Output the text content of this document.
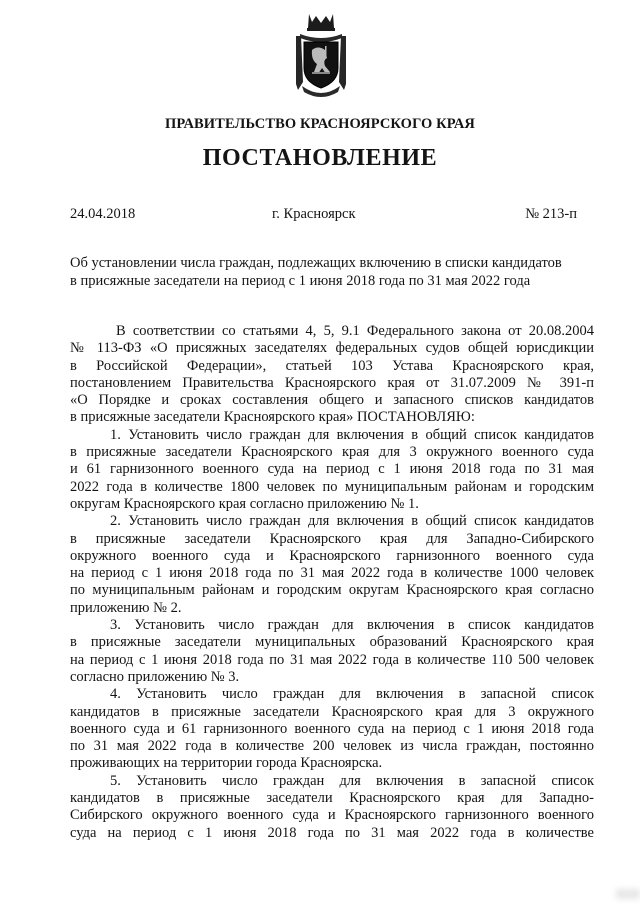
ПРАВИТЕЛЬСТВО КРАСНОЯРСКОГО КРАЯ
ПОСТАНОВЛЕНИЕ
24.04.2018	г. Красноярск	№ 213-п
Об установлении числа граждан, подлежащих включению в списки кандидатов
в присяжные заседатели на период с 1 июня 2018 года по 31 мая 2022 года
В соответствии со статьями 4, 5, 9.1 Федерального закона от 20.08.2004
№ 113-ФЗ «О присяжных заседателях федеральных судов общей юрисдикции
в Российской Федерации», статьей 103 Устава Красноярского края,
постановлением Правительства Красноярского края от 31.07.2009 № 391-п
«О Порядке и сроках составления общего и запасного списков кандидатов
в присяжные заседатели Красноярского края» ПОСТАНОВЛЯЮ:
1. Установить число граждан для включения в общий список кандидатов
в присяжные заседатели Красноярского края для 3 окружного военного суда
и 61 гарнизонного военного суда на период с 1 июня 2018 года по 31 мая
2022 года в количестве 1800 человек по муниципальным районам и городским
округам Красноярского края согласно приложению № 1.
2. Установить число граждан для включения в общий список кандидатов
в присяжные заседатели Красноярского края для Западно-Сибирского
окружного военного суда и Красноярского гарнизонного военного суда
на период с 1 июня 2018 года по 31 мая 2022 года в количестве 1000 человек
по муниципальным районам и городским округам Красноярского края согласно
приложению № 2.
3. Установить число граждан для включения в список кандидатов
в присяжные заседатели муниципальных образований Красноярского края
на период с 1 июня 2018 года по 31 мая 2022 года в количестве 110 500 человек
согласно приложению № 3.
4. Установить число граждан для включения в запасной список
кандидатов в присяжные заседатели Красноярского края для 3 окружного
военного суда и 61 гарнизонного военного суда на период с 1 июня 2018 года
по 31 мая 2022 года в количестве 200 человек из числа граждан, постоянно
проживающих на территории города Красноярска.
5. Установить число граждан для включения в запасной список
кандидатов в присяжные заседатели Красноярского края для Западно-
Сибирского окружного военного суда и Красноярского гарнизонного военного
суда на период с 1 июня 2018 года по 31 мая 2022 года в количестве
